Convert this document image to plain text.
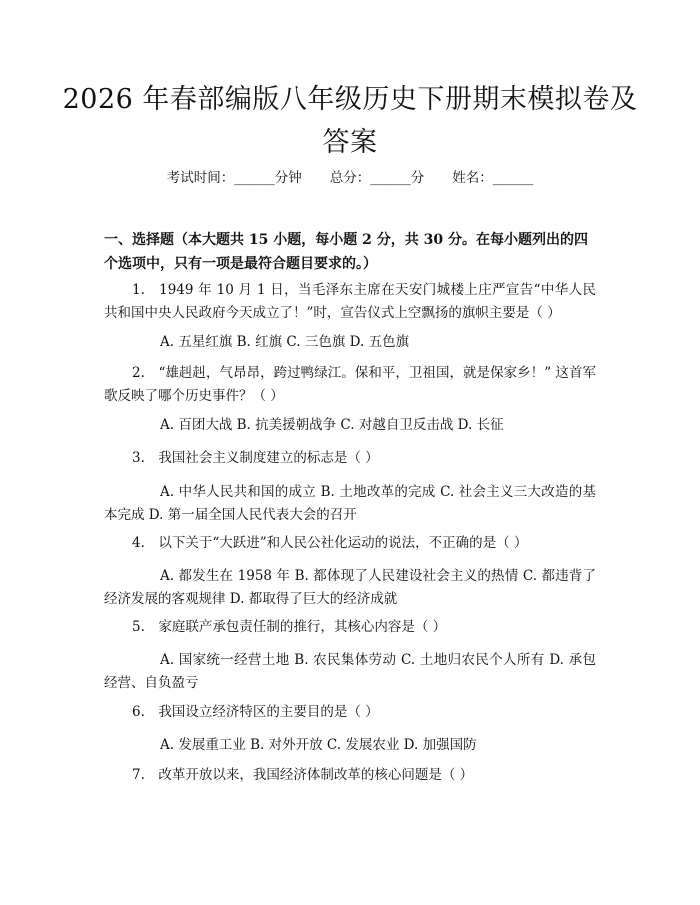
2026 年春部编版八年级历史下册期末模拟卷及答案
考试时间：______分钟 总分：______分 姓名：______
一、选择题（本大题共 15 小题，每小题 2 分，共 30 分。在每小题列出的四个选项中，只有一项是最符合题目要求的。）
1.　1949 年 10 月 1 日，当毛泽东主席在天安门城楼上庄严宣告“中华人民共和国中央人民政府今天成立了！”时，宣告仪式上空飘扬的旗帜主要是（ ）
A. 五星红旗 B. 红旗 C. 三色旗 D. 五色旗
2.　“雄赳赳，气昂昂，跨过鸭绿江。保和平，卫祖国，就是保家乡！” 这首军歌反映了哪个历史事件？（ ）
A. 百团大战 B. 抗美援朝战争 C. 对越自卫反击战 D. 长征
3.　我国社会主义制度建立的标志是（ ）
A. 中华人民共和国的成立 B. 土地改革的完成 C. 社会主义三大改造的基本完成 D. 第一届全国人民代表大会的召开
4.　以下关于“大跃进”和人民公社化运动的说法，不正确的是（ ）
A. 都发生在 1958 年 B. 都体现了人民建设社会主义的热情 C. 都违背了经济发展的客观规律 D. 都取得了巨大的经济成就
5.　家庭联产承包责任制的推行，其核心内容是（ ）
A. 国家统一经营土地 B. 农民集体劳动 C. 土地归农民个人所有 D. 承包经营、自负盈亏
6.　我国设立经济特区的主要目的是（ ）
A. 发展重工业 B. 对外开放 C. 发展农业 D. 加强国防
7.　改革开放以来，我国经济体制改革的核心问题是（ ）
